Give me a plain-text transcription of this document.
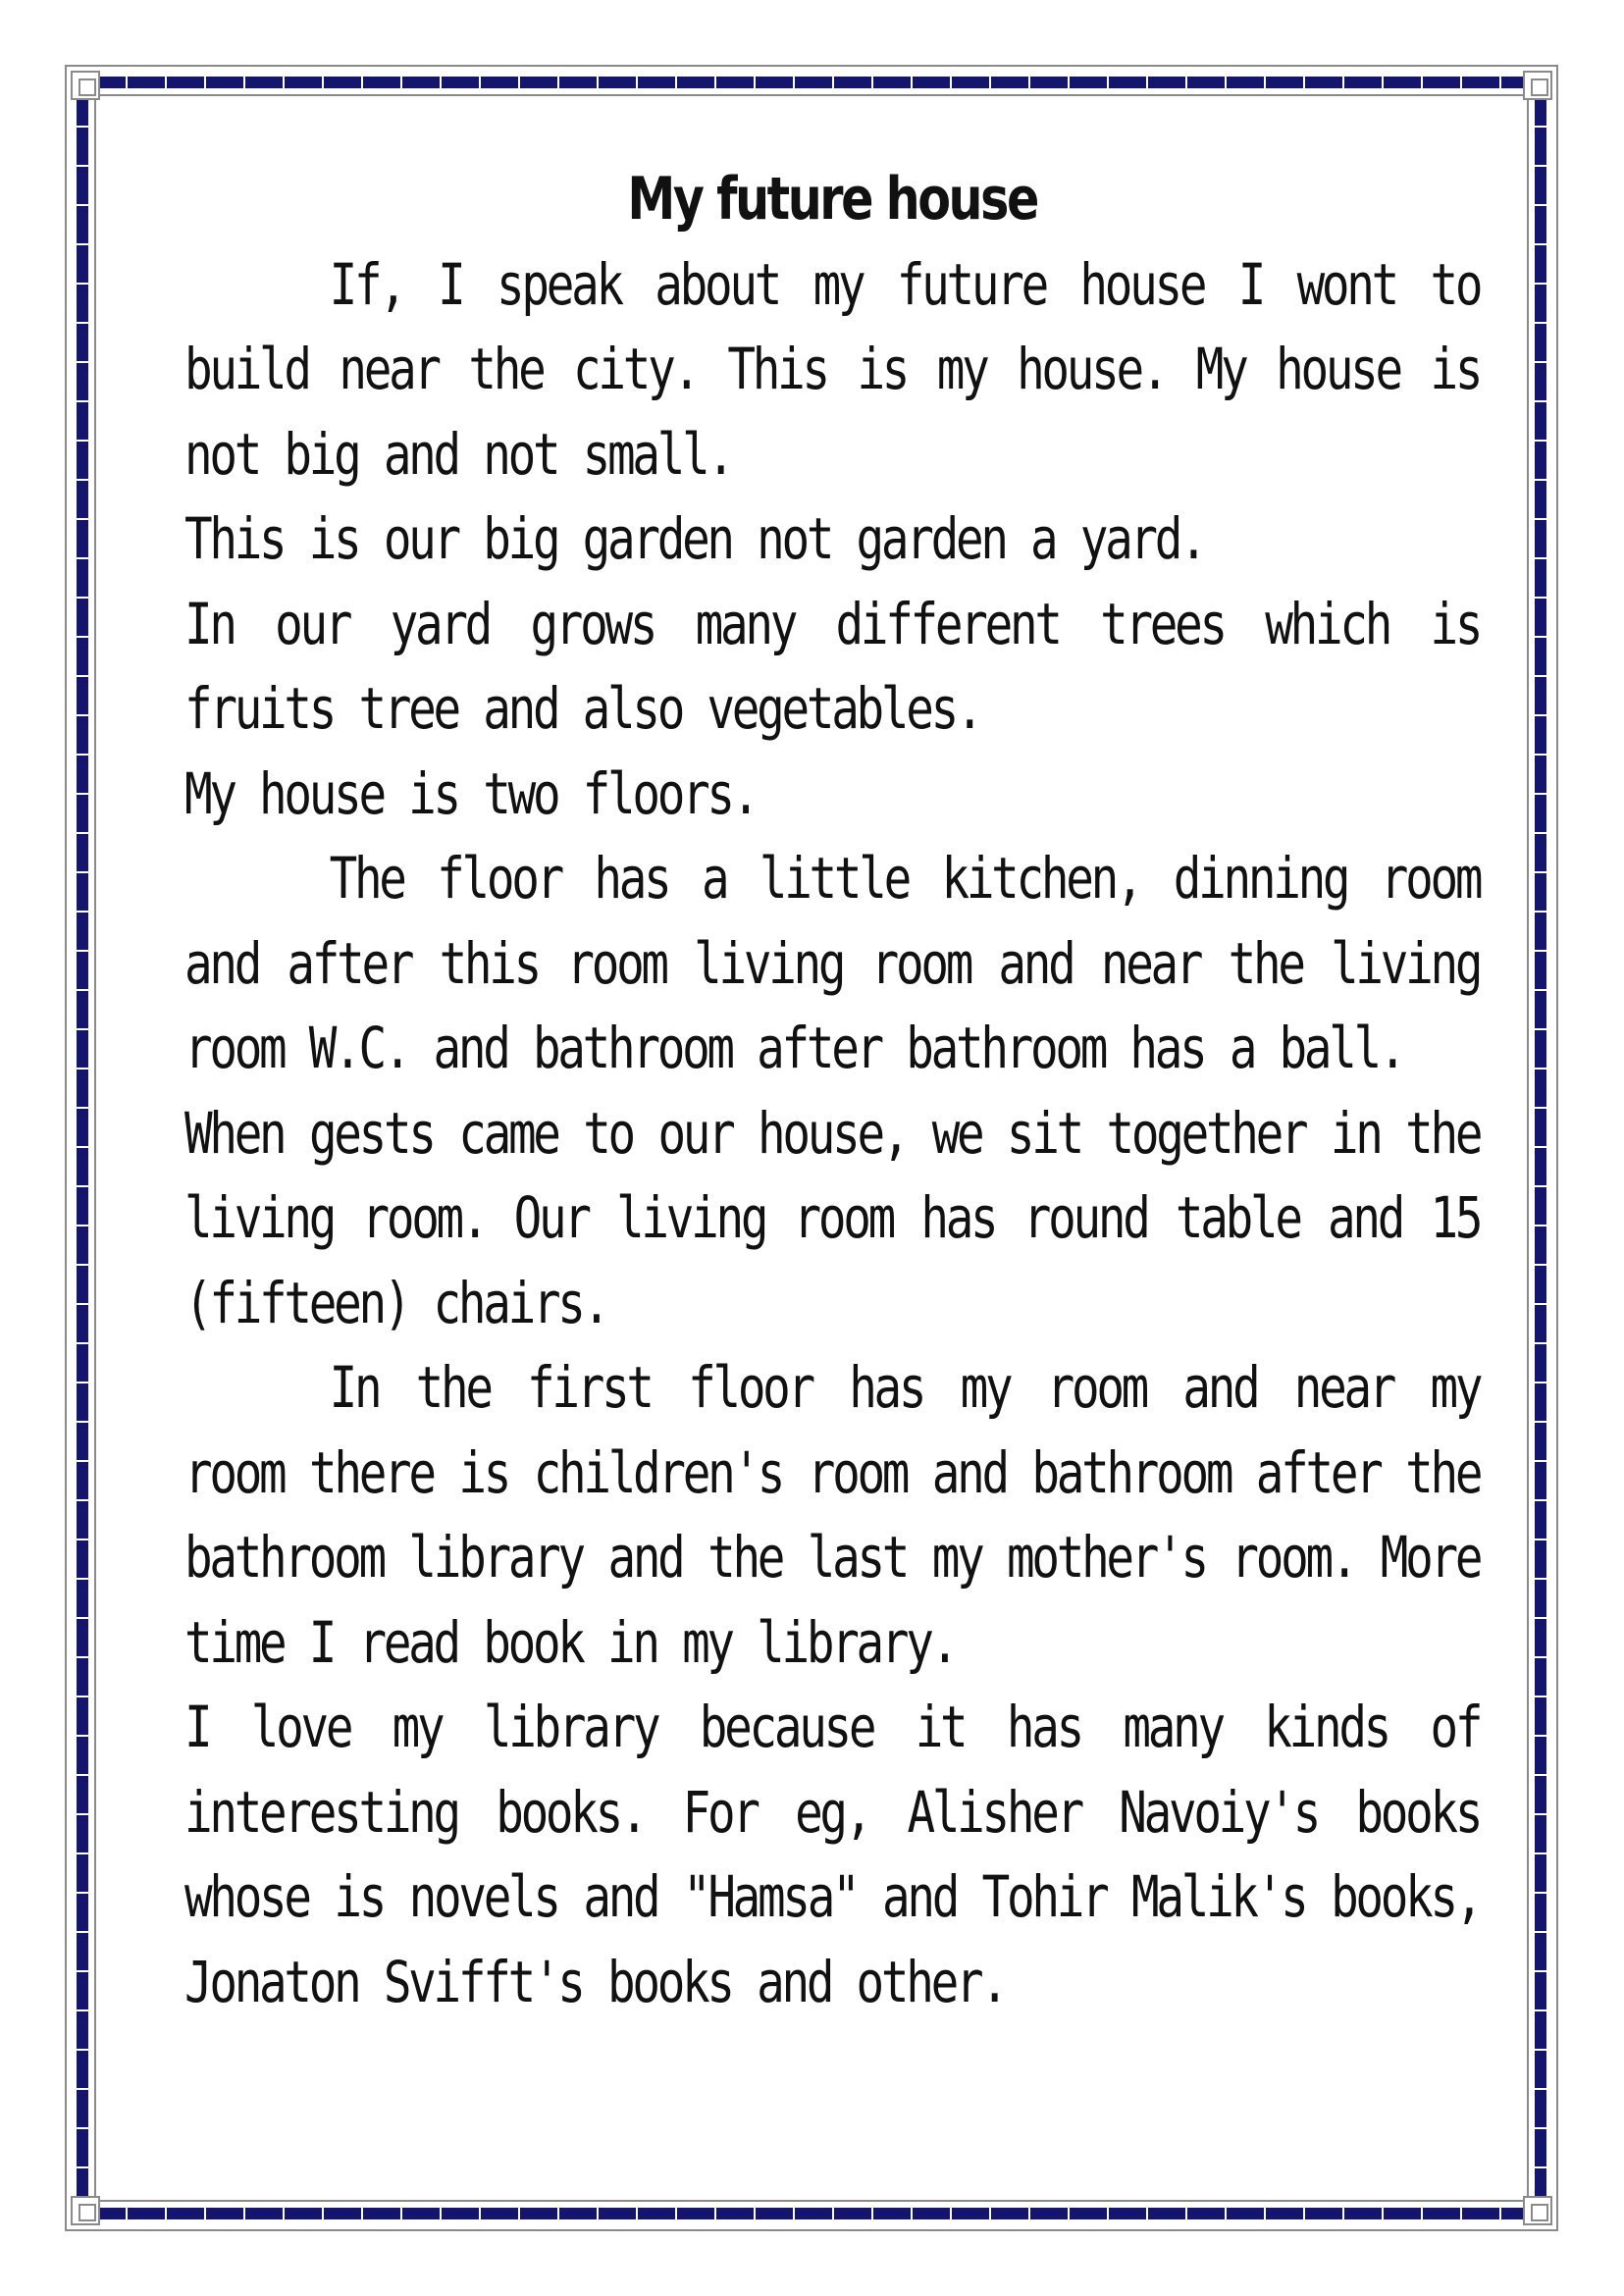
My future house

If, I speak about my future house I wont to build near the city. This is my house. My house is not big and not small.

This is our big garden not garden a yard.

In our yard grows many different trees which is fruits tree and also vegetables.

My house is two floors.

The floor has a little kitchen, dinning room and after this room living room and near the living room W.C. and bathroom after bathroom has a ball.

When gests came to our house, we sit together in the living room. Our living room has round table and 15 (fifteen) chairs.

In the first floor has my room and near my room there is children's room and bathroom after the bathroom library and the last my mother's room. More time I read book in my library.

I love my library because it has many kinds of interesting books. For eg, Alisher Navoiy's books whose is novels and "Hamsa" and Tohir Malik's books, Jonaton Svifft's books and other.
